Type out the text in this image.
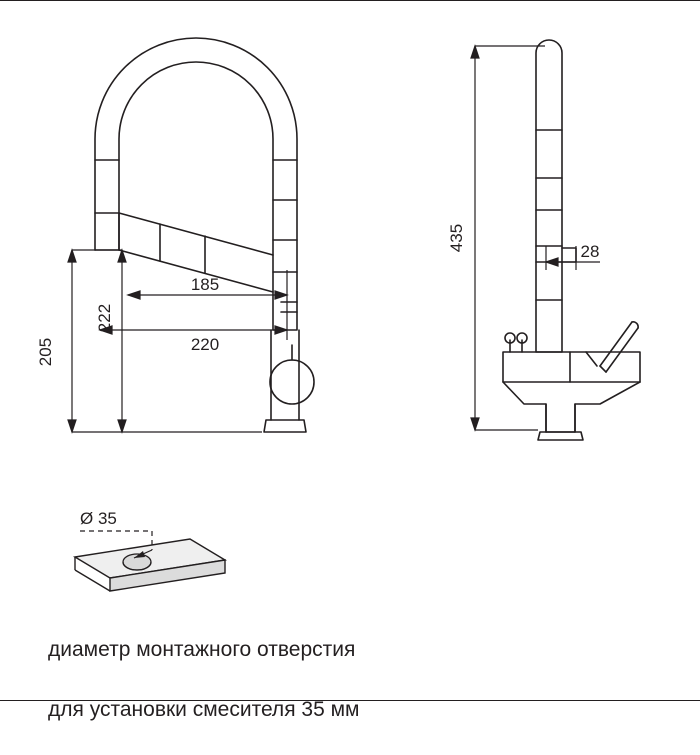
205
222
185
220
435	28
Ø 35

диаметр монтажного отверстия

для установки смесителя 35 мм
